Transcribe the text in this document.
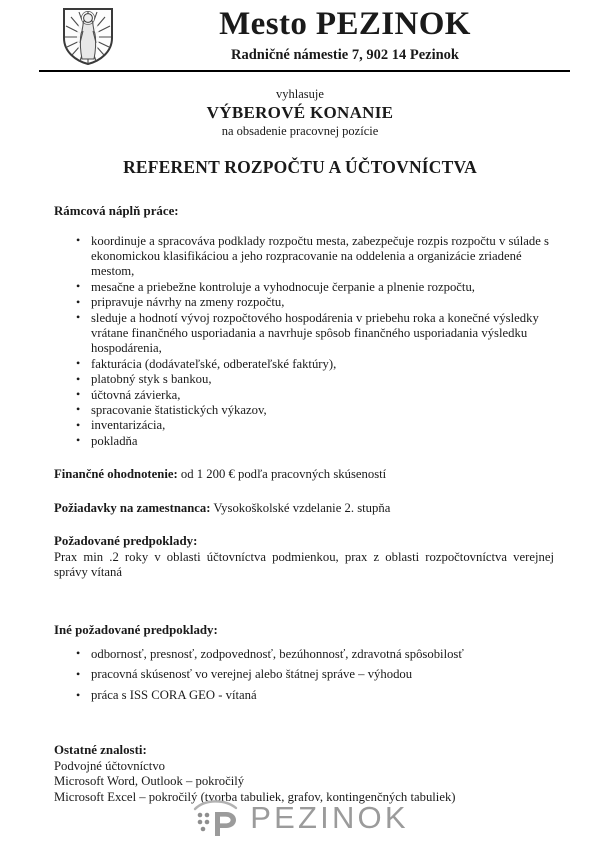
Mesto PEZINOK
Radničné námestie 7, 902 14 Pezinok
vyhlasuje
VÝBEROVÉ KONANIE
na obsadenie pracovnej pozície
REFERENT ROZPOČTU A ÚČTOVNÍCTVA
Rámcová náplň práce:
• koordinuje a spracováva podklady rozpočtu mesta, zabezpečuje rozpis rozpočtu v súlade s ekonomickou klasifikáciou a jeho rozpracovanie na oddelenia a organizácie zriadené mestom,
• mesačne a priebežne kontroluje a vyhodnocuje čerpanie a plnenie rozpočtu,
• pripravuje návrhy na zmeny rozpočtu,
• sleduje a hodnotí vývoj rozpočtového hospodárenia v priebehu roka a konečné výsledky vrátane finančného usporiadania a navrhuje spôsob finančného usporiadania výsledku hospodárenia,
• fakturácia (dodávateľské, odberateľské faktúry),
• platobný styk s bankou,
• účtovná závierka,
• spracovanie štatistických výkazov,
• inventarizácia,
• pokladňa
Finančné ohodnotenie: od 1 200 € podľa pracovných skúseností
Požiadavky na zamestnanca: Vysokoškolské vzdelanie 2. stupňa
Požadované predpoklady:
Prax min .2 roky v oblasti účtovníctva podmienkou, prax z oblasti rozpočtovníctva verejnej správy vítaná
Iné požadované predpoklady:
• odbornosť, presnosť, zodpovednosť, bezúhonnosť, zdravotná spôsobilosť
• pracovná skúsenosť vo verejnej alebo štátnej správe – výhodou
• práca s ISS CORA GEO - vítaná
Ostatné znalosti:
Podvojné účtovníctvo
Microsoft Word, Outlook – pokročilý
Microsoft Excel – pokročilý (tvorba tabuliek, grafov, kontingenčných tabuliek)
PEZINOK
